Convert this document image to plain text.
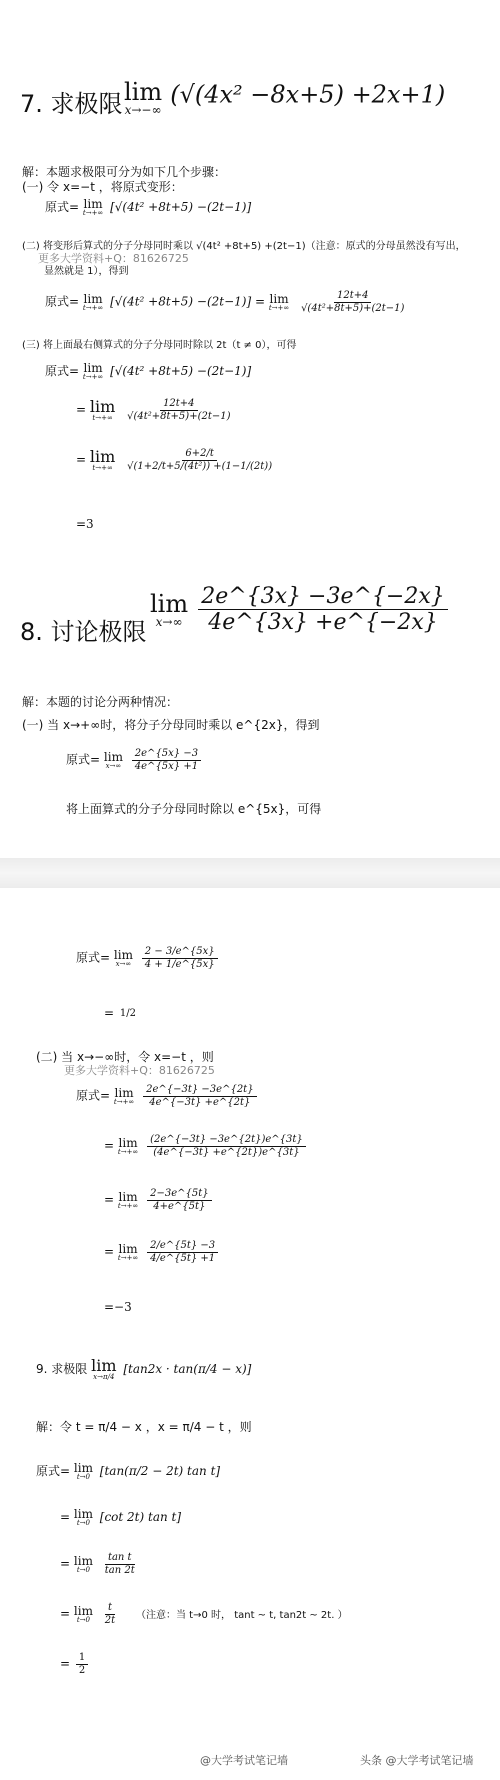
7. 求极限 lim
x→−∞
(√(4x² −8x+5) +2x+1)
解：本题求极限可分为如下几个步骤：
(一) 令 x=−t ，将原式变形：
原式= lim
t→+∞ [√(4t² +8t+5) −(2t−1)]
(二) 将变形后算式的分子分母同时乘以 √(4t² +8t+5) +(2t−1)（注意：原式的分母虽然没有写出，
显然就是 1），得到
更多大学资料+Q：81626725
原式= lim
t→+∞ [√(4t² +8t+5) −(2t−1)] = lim
t→+∞
$\frac{12t+4}{\text{√(4t²+8t+5)+(2t−1)}}$
(三) 将上面最右侧算式的分子分母同时除以 2t（t ≠ 0），可得
原式= lim
t→+∞ [√(4t² +8t+5) −(2t−1)]
= lim
t→+∞
$\frac{12t+4}{\text{√(4t²+8t+5)+(2t−1)}}$
= lim
t→+∞
$\frac{6+2/t}{\text{√(1+2/t+5/(4t²)) +(1−1/(2t))}}$
=3
8. 讨论极限
lim
x→∞
$\frac{2e\^{}\{3x\} -3e\^{}\{-2x\}}{4e\^{}\{3x\} +e\^{}\{-2x\}}$
解：本题的讨论分两种情况：
(一) 当 x→+∞时，将分子分母同时乘以 e^{2x}，得到
原式= lim
x→∞
$\frac{2e\^{}\{5x\} -3}{4e\^{}\{5x\} +1}$
将上面算式的分子分母同时除以 e^{5x}，可得
原式= lim
x→∞
$\frac{2 - 3/e\^{}\{5x\}}{4 + 1/e\^{}\{5x\}}$
= 1/2
(二) 当 x→−∞时，令 x=−t ，则
更多大学资料+Q：81626725
原式= lim
t→+∞
$\frac{2e\^{}\{-3t\} -3e\^{}\{2t\}}{4e\^{}\{-3t\} +e\^{}\{2t\}}$
= lim
t→+∞
$\frac{(2e\^{}\{-3t\} -3e\^{}\{2t\})e\^{}\{3t\}}{(4e\^{}\{-3t\} +e\^{}\{2t\})e\^{}\{3t\}}$
= lim
t→+∞
$\frac{2-3e\^{}\{5t\}}{4+e\^{}\{5t\}}$
= lim
t→+∞
$\frac{2/e\^{}\{5t\} -3}{4/e\^{}\{5t\} +1}$
=−3
9. 求极限 lim
x→π/4
[tan2x · tan(π/4 − x)]
解：令 t = π/4 − x ，x = π/4 − t ，则
原式= lim
t→0 [tan(π/2 − 2t) tan t]
= lim
t→0 [cot 2t) tan t]
= lim
t→0
$\frac{\text{tan t}}{\tan 2t}$
= lim
t→0
$\frac{t}{2t}$ （注意：当 t→0 时， tant ~ t, tan2t ~ 2t. ）
= $\frac{1}{2}$
@大学考试笔记墙	头条 @大学考试笔记墙
